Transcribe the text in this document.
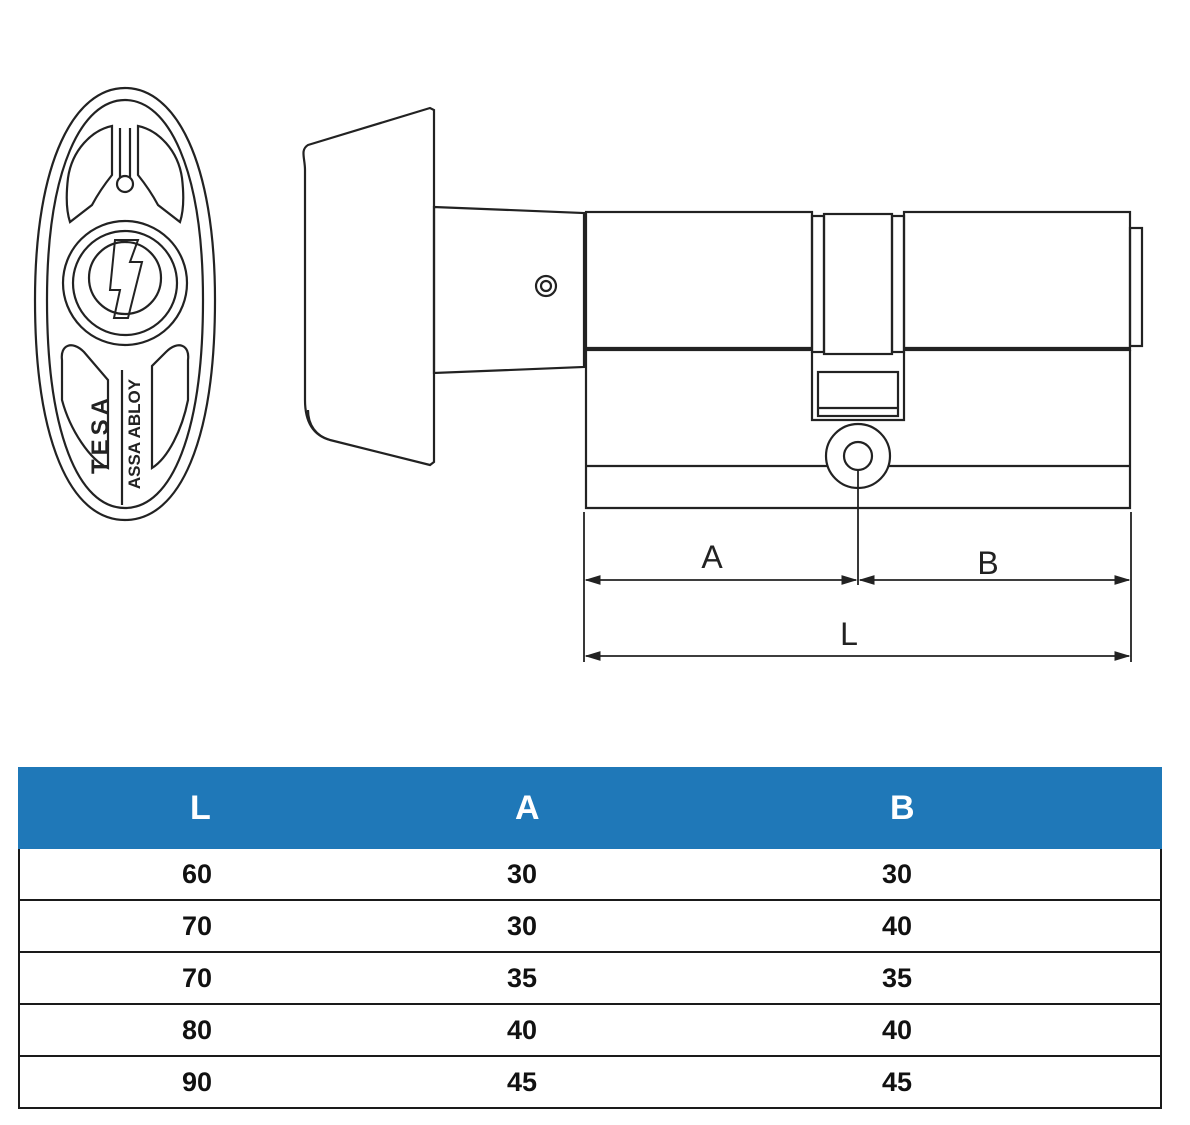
TESA ASSA ABLOY
A	B
L
L	A	B
60	30	30
70	30	40
70	35	35
80	40	40
90	45	45
